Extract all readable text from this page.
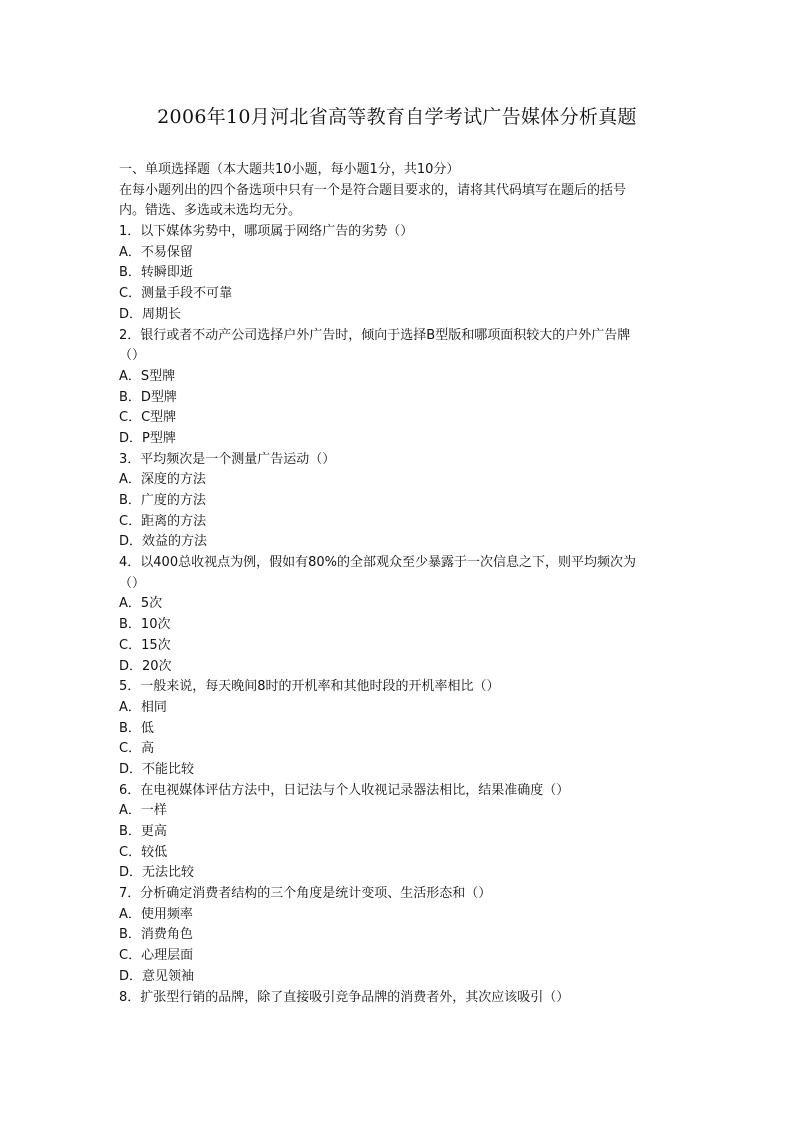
2006年10月河北省高等教育自学考试广告媒体分析真题
一、单项选择题（本大题共10小题，每小题1分，共10分）
在每小题列出的四个备选项中只有一个是符合题目要求的，请将其代码填写在题后的括号
内。错选、多选或未选均无分。
1．以下媒体劣势中，哪项属于网络广告的劣势（）
A．不易保留
B．转瞬即逝
C．测量手段不可靠
D．周期长
2．银行或者不动产公司选择户外广告时，倾向于选择B型版和哪项面积较大的户外广告牌
（）
A．S型牌
B．D型牌
C．C型牌
D．P型牌
3．平均频次是一个测量广告运动（）
A．深度的方法
B．广度的方法
C．距离的方法
D．效益的方法
4．以400总收视点为例，假如有80%的全部观众至少暴露于一次信息之下，则平均频次为
（）
A．5次
B．10次
C．15次
D．20次
5．一般来说，每天晚间8时的开机率和其他时段的开机率相比（）
A．相同
B．低
C．高
D．不能比较
6．在电视媒体评估方法中，日记法与个人收视记录器法相比，结果准确度（）
A．一样
B．更高
C．较低
D．无法比较
7．分析确定消费者结构的三个角度是统计变项、生活形态和（）
A．使用频率
B．消费角色
C．心理层面
D．意见领袖
8．扩张型行销的品牌，除了直接吸引竞争品牌的消费者外，其次应该吸引（）
